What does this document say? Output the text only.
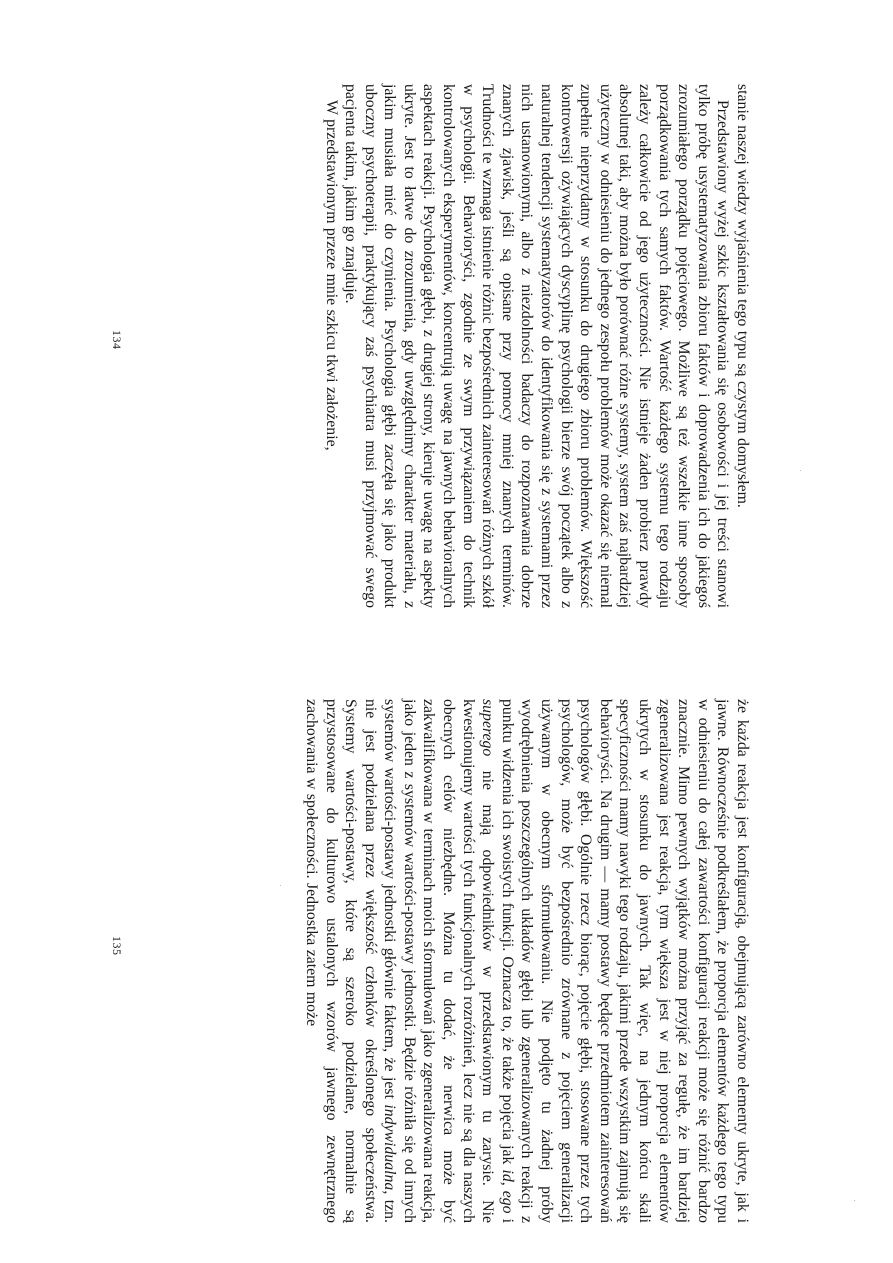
stanie naszej wiedzy wyjaśnienia tego typu są czystym domysłem.

Przedstawiony wyżej szkic kształtowania się osobowości i jej treści stanowi tylko próbę usystematyzowania zbioru faktów i doprowadzenia ich do jakiegoś zrozumiałego porządku pojęciowego. Możliwe są też wszelkie inne sposoby porządkowania tych samych faktów. Wartość każdego systemu tego rodzaju zależy całkowicie od jego użyteczności. Nie istnieje żaden probierz prawdy absolutnej taki, aby można było porównać różne systemy, system zaś najbardziej użyteczny w odniesieniu do jednego zespołu problemów może okazać się niemal zupełnie nieprzydatny w stosunku do drugiego zbioru problemów. Większość kontrowersji ożywiających dyscyplinę psychologii bierze swój początek albo z naturalnej tendencji systematyzatorów do identyfikowania się z systemami przez nich ustanowionymi, albo z niezdolności badaczy do rozpoznawania dobrze znanych zjawisk, jeśli są opisane przy pomocy mniej znanych terminów. Trudności te wzmaga istnienie różnic bezpośrednich zainteresowań różnych szkół w psychologii. Behavioryści, zgodnie ze swym przywiązaniem do technik kontrolowanych eksperymentów, koncentrują uwagę na jawnych behavioralnych aspektach reakcji. Psychologia głębi, z drugiej strony, kieruje uwagę na aspekty ukryte. Jest to łatwe do zrozumienia, gdy uwzględnimy charakter materiału, z jakim musiała mieć do czynienia. Psychologia głębi zaczęła się jako produkt uboczny psychoterapii, praktykujący zaś psychiatra musi przyjmować swego pacjenta takim, jakim go znajduje.

W przedstawionym przeze mnie szkicu tkwi założenie,

134

że każda reakcja jest konfiguracją, obejmującą zarówno elementy ukryte, jak i jawne. Równocześnie podkreślałem, że proporcja elementów każdego tego typu w odniesieniu do całej zawartości konfiguracji reakcji może się różnić bardzo znacznie. Mimo pewnych wyjątków można przyjąć za regułę, że im bardziej zgeneralizowana jest reakcja, tym większa jest w niej proporcja elementów ukrytych w stosunku do jawnych. Tak więc, na jednym końcu skali specyficzności mamy nawyki tego rodzaju, jakimi przede wszystkim zajmują się behavioryści. Na drugim — mamy postawy będące przedmiotem zainteresowań psychologów głębi. Ogólnie rzecz biorąc, pojęcie głębi, stosowane przez tych psychologów, może być bezpośrednio zrównane z pojęciem generalizacji używanym w obecnym sformułowaniu. Nie podjęto tu żadnej próby wyodrębnienia poszczególnych układów głębi lub zgeneralizowanych reakcji z punktu widzenia ich swoistych funkcji. Oznacza to, że także pojęcia jak id, ego i superego nie mają odpowiedników w przedstawionym tu zarysie. Nie kwestionujemy wartości tych funkcjonalnych rozróżnień, lecz nie są dla naszych obecnych celów niezbędne. Można tu dodać, że nerwica może być zakwalifikowana w terminach moich sformułowań jako zgeneralizowana reakcja, jako jeden z systemów wartości-postawy jednostki. Będzie różniła się od innych systemów wartości-postawy jednostki głównie faktem, że jest indywidualna, tzn. nie jest podzielana przez większość członków określonego społeczeństwa. Systemy wartości-postawy, które są szeroko podzielane, normalnie są przystosowane do kulturowo ustalonych wzorów jawnego zewnętrznego zachowania w społeczności. Jednostka zatem może

135
